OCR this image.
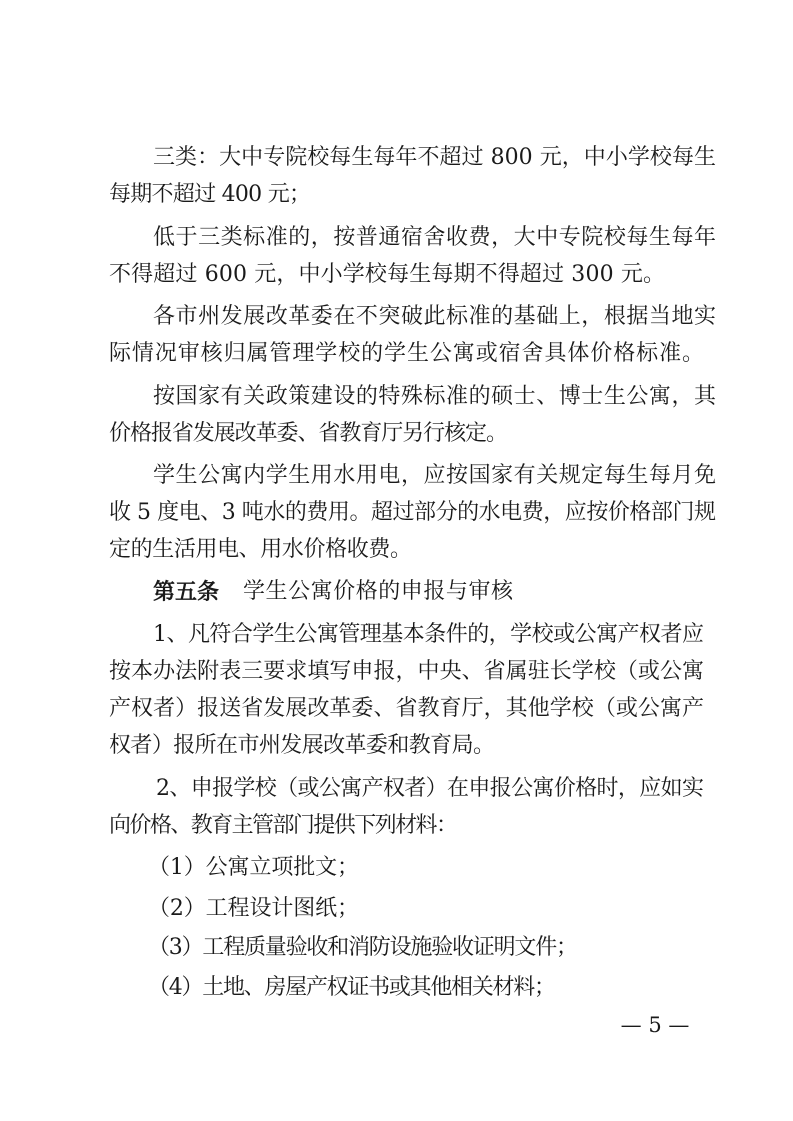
三类：大中专院校每生每年不超过 800 元，中小学校每生
每期不超过 400 元；
低于三类标准的，按普通宿舍收费，大中专院校每生每年
不得超过 600 元，中小学校每生每期不得超过 300 元。
各市州发展改革委在不突破此标准的基础上，根据当地实
际情况审核归属管理学校的学生公寓或宿舍具体价格标准。
按国家有关政策建设的特殊标准的硕士、博士生公寓，其
价格报省发展改革委、省教育厅另行核定。
学生公寓内学生用水用电，应按国家有关规定每生每月免
收 5 度电、3 吨水的费用。超过部分的水电费，应按价格部门规
定的生活用电、用水价格收费。
第五条 学生公寓价格的申报与审核
1、凡符合学生公寓管理基本条件的，学校或公寓产权者应
按本办法附表三要求填写申报，中央、省属驻长学校（或公寓
产权者）报送省发展改革委、省教育厅，其他学校（或公寓产
权者）报所在市州发展改革委和教育局。
2、申报学校（或公寓产权者）在申报公寓价格时，应如实
向价格、教育主管部门提供下列材料：
（1）公寓立项批文；
（2）工程设计图纸；
（3）工程质量验收和消防设施验收证明文件；
（4）土地、房屋产权证书或其他相关材料；
— 5 —
